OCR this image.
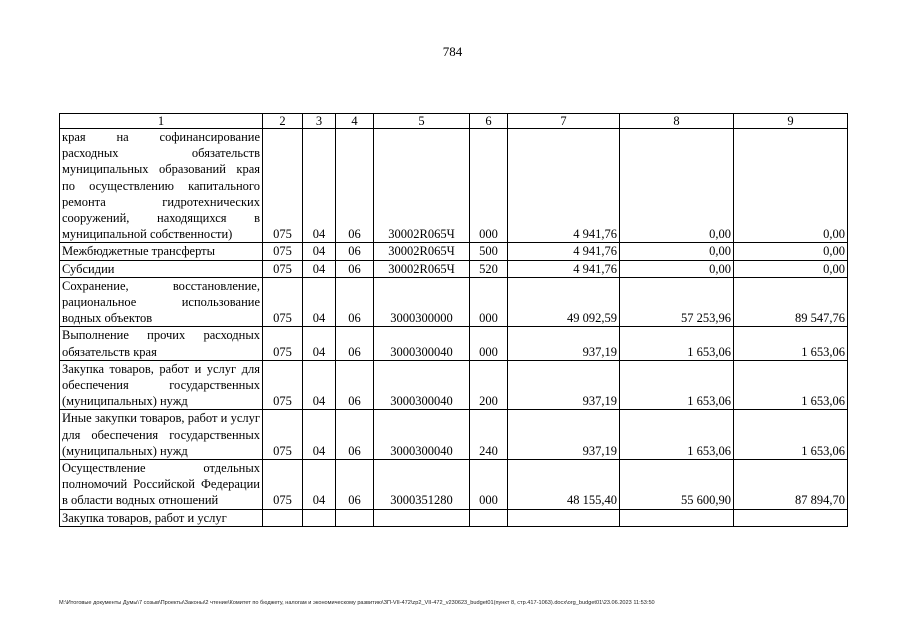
784
1	2	3	4	5	6	7	8	9
края на софинансирование расходных обязательств муниципальных образований края по осуществлению капитального ремонта гидротехнических сооружений, находящихся в муниципальной собственности)	075	04	06	30002R065Ч	000	4 941,76	0,00	0,00
Межбюджетные трансферты	075	04	06	30002R065Ч	500	4 941,76	0,00	0,00
Субсидии	075	04	06	30002R065Ч	520	4 941,76	0,00	0,00
Сохранение, восстановление, рациональное использование водных объектов	075	04	06	3000300000	000	49 092,59	57 253,96	89 547,76
Выполнение прочих расходных обязательств края	075	04	06	3000300040	000	937,19	1 653,06	1 653,06
Закупка товаров, работ и услуг для обеспечения государственных (муниципальных) нужд	075	04	06	3000300040	200	937,19	1 653,06	1 653,06
Иные закупки товаров, работ и услуг для обеспечения государственных (муниципальных) нужд	075	04	06	3000300040	240	937,19	1 653,06	1 653,06
Осуществление отдельных полномочий Российской Федерации в области водных отношений	075	04	06	3000351280	000	48 155,40	55 600,90	87 894,70
Закупка товаров, работ и услуг								
M:\Итоговые документы Думы\7 созыв\Проекты\Законы\2 чтение\Комитет по бюджету, налогам и экономическому развитию\ЗП-VII-472\zp2_VII-472_v230623_budget01(пункт 8, стр.417-1063).docx\org_budget01\23.06.2023 11:53:50
